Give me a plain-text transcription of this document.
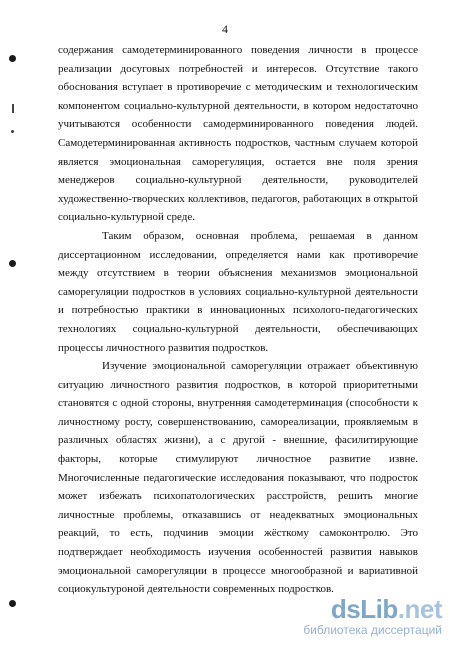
4

содержания самодетерминированного поведения личности в процессе реализации досуговых потребностей и интересов. Отсутствие такого обоснования вступает в противоречие с методическим и технологическим компонентом социально-культурной деятельности, в котором недостаточно учитываются особенности самодерминированного поведения людей. Самодетерминированная активность подростков, частным случаем которой является эмоциональная саморегуляция, остается вне поля зрения менеджеров социально-культурной деятельности, руководителей художественно-творческих коллективов, педагогов, работающих в открытой социально-культурной среде.

Таким образом, основная проблема, решаемая в данном диссертационном исследовании, определяется нами как противоречие между отсутствием в теории объяснения механизмов эмоциональной саморегуляции подростков в условиях социально-культурной деятельности и потребностью практики в инновационных психолого-педагогических технологиях социально-культурной деятельности, обеспечивающих процессы личностного развития подростков.

Изучение эмоциональной саморегуляции отражает объективную ситуацию личностного развития подростков, в которой приоритетными становятся с одной стороны, внутренняя самодетерминация (способности к личностному росту, совершенствованию, самореализации, проявляемым в различных областях жизни), а с другой - внешние, фасилитирующие факторы, которые стимулируют личностное развитие извне. Многочисленные педагогические исследования показывают, что подросток может избежать психопатологических расстройств, решить многие личностные проблемы, отказавшись от неадекватных эмоциональных реакций, то есть, подчинив эмоции жёсткому самоконтролю. Это подтверждает необходимость изучения особенностей развития навыков эмоциональной саморегуляции в процессе многообразной и вариативной социокультуроной деятельности современных подростков.

dsLib.net
библиотека диссертаций
